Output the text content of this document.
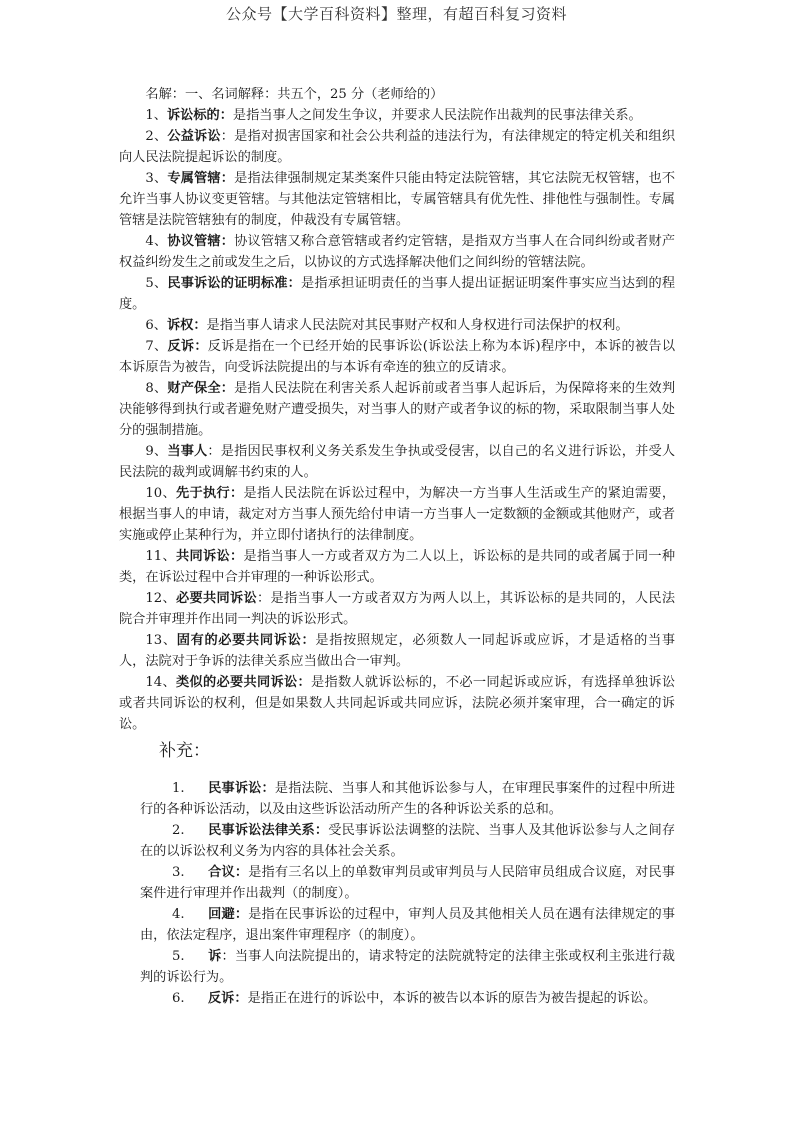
公众号【大学百科资料】整理，有超百科复习资料

名解：一、名词解释：共五个，25 分（老师给的）

1、诉讼标的：是指当事人之间发生争议，并要求人民法院作出裁判的民事法律关系。

2、公益诉讼：是指对损害国家和社会公共利益的违法行为，有法律规定的特定机关和组织向人民法院提起诉讼的制度。

3、专属管辖：是指法律强制规定某类案件只能由特定法院管辖，其它法院无权管辖，也不允许当事人协议变更管辖。与其他法定管辖相比，专属管辖具有优先性、排他性与强制性。专属管辖是法院管辖独有的制度，仲裁没有专属管辖。

4、协议管辖：协议管辖又称合意管辖或者约定管辖，是指双方当事人在合同纠纷或者财产权益纠纷发生之前或发生之后，以协议的方式选择解决他们之间纠纷的管辖法院。

5、民事诉讼的证明标准：是指承担证明责任的当事人提出证据证明案件事实应当达到的程度。

6、诉权：是指当事人请求人民法院对其民事财产权和人身权进行司法保护的权利。

7、反诉：反诉是指在一个已经开始的民事诉讼(诉讼法上称为本诉)程序中，本诉的被告以本诉原告为被告，向受诉法院提出的与本诉有牵连的独立的反请求。

8、财产保全：是指人民法院在利害关系人起诉前或者当事人起诉后，为保障将来的生效判决能够得到执行或者避免财产遭受损失，对当事人的财产或者争议的标的物，采取限制当事人处分的强制措施。

9、当事人：是指因民事权利义务关系发生争执或受侵害，以自己的名义进行诉讼，并受人民法院的裁判或调解书约束的人。

10、先于执行：是指人民法院在诉讼过程中，为解决一方当事人生活或生产的紧迫需要，根据当事人的申请，裁定对方当事人预先给付申请一方当事人一定数额的金额或其他财产，或者实施或停止某种行为，并立即付诸执行的法律制度。

11、共同诉讼：是指当事人一方或者双方为二人以上，诉讼标的是共同的或者属于同一种类，在诉讼过程中合并审理的一种诉讼形式。

12、必要共同诉讼：是指当事人一方或者双方为两人以上，其诉讼标的是共同的，人民法院合并审理并作出同一判决的诉讼形式。

13、固有的必要共同诉讼：是指按照规定，必须数人一同起诉或应诉，才是适格的当事人，法院对于争诉的法律关系应当做出合一审判。

14、类似的必要共同诉讼：是指数人就诉讼标的，不必一同起诉或应诉，有选择单独诉讼或者共同诉讼的权利，但是如果数人共同起诉或共同应诉，法院必须并案审理，合一确定的诉讼。

补充：

1. 民事诉讼：是指法院、当事人和其他诉讼参与人，在审理民事案件的过程中所进行的各种诉讼活动，以及由这些诉讼活动所产生的各种诉讼关系的总和。

2. 民事诉讼法律关系：受民事诉讼法调整的法院、当事人及其他诉讼参与人之间存在的以诉讼权利义务为内容的具体社会关系。

3. 合议：是指有三名以上的单数审判员或审判员与人民陪审员组成合议庭，对民事案件进行审理并作出裁判（的制度）。

4. 回避：是指在民事诉讼的过程中，审判人员及其他相关人员在遇有法律规定的事由，依法定程序，退出案件审理程序（的制度）。

5. 诉：当事人向法院提出的，请求特定的法院就特定的法律主张或权利主张进行裁判的诉讼行为。

6. 反诉：是指正在进行的诉讼中，本诉的被告以本诉的原告为被告提起的诉讼。
